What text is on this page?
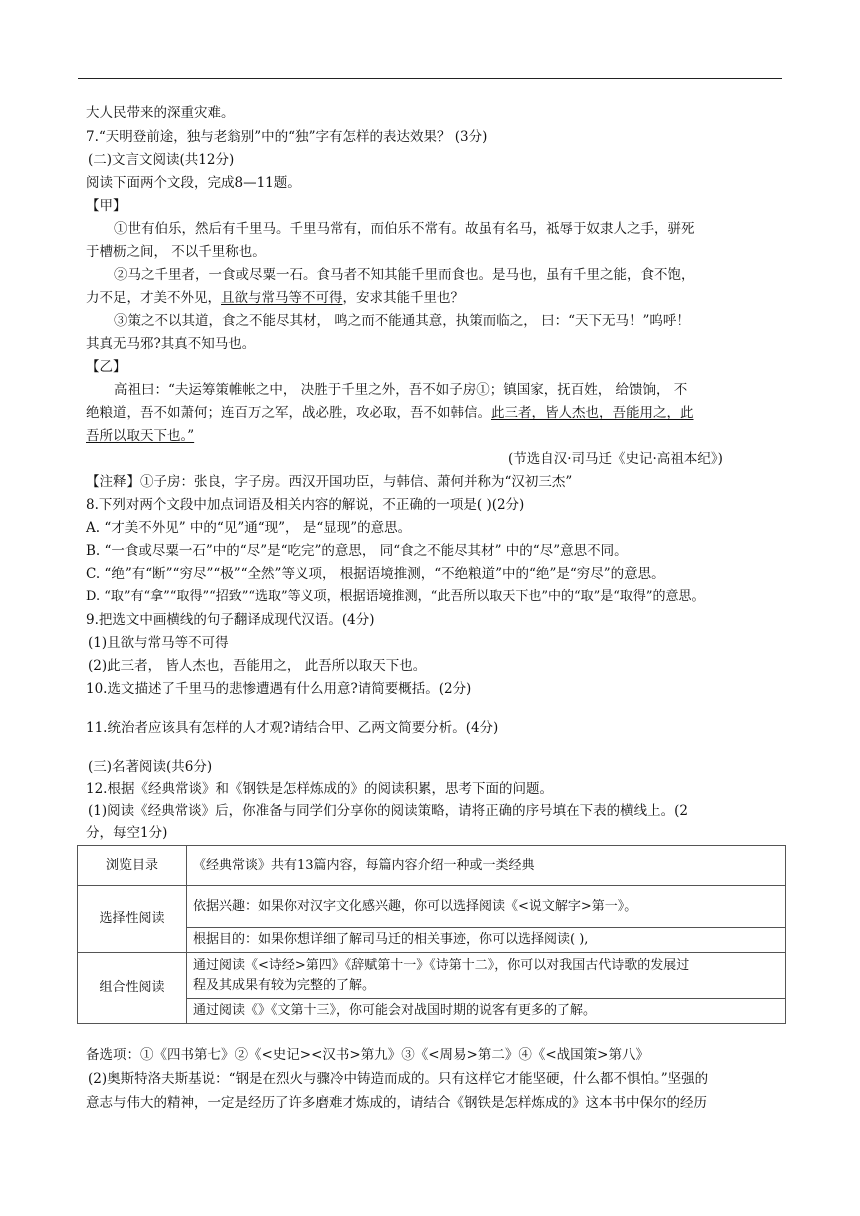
大人民带来的深重灾难。
7.“天明登前途，独与老翁别”中的“独”字有怎样的表达效果？ (3分)
(二)文言文阅读(共12分)
阅读下面两个文段，完成8—11题。
【甲】
①世有伯乐，然后有千里马。千里马常有，而伯乐不常有。故虽有名马，祗辱于奴隶人之手，骈死
于槽枥之间， 不以千里称也。
②马之千里者，一食或尽粟一石。食马者不知其能千里而食也。是马也，虽有千里之能，食不饱，
力不足，才美不外见，且欲与常马等不可得，安求其能千里也？
③策之不以其道，食之不能尽其材， 鸣之而不能通其意，执策而临之， 曰：“天下无马！”呜呼！
其真无马邪?其真不知马也。
【乙】
高祖曰：“夫运筹策帷帐之中， 决胜于千里之外，吾不如子房①；镇国家，抚百姓， 给馈饷， 不
绝粮道，吾不如萧何；连百万之军，战必胜，攻必取，吾不如韩信。此三者，皆人杰也，吾能用之，此
吾所以取天下也。”
(节选自汉·司马迁《史记·高祖本纪》)
【注释】①子房：张良，字子房。西汉开国功臣，与韩信、萧何并称为“汉初三杰”
8.下列对两个文段中加点词语及相关内容的解说，不正确的一项是( )(2分)
A. “才美不外见” 中的“见”通“现”， 是“显现”的意思。
B. “一食或尽粟一石”中的“尽”是“吃完”的意思， 同“食之不能尽其材” 中的“尽”意思不同。
C. “绝”有“断”“穷尽”“极”“全然”等义项， 根据语境推测，“不绝粮道”中的“绝”是“穷尽”的意思。
D. “取”有“拿”“取得”“招致”“选取”等义项，根据语境推测，“此吾所以取天下也”中的“取”是“取得”的意思。
9.把选文中画横线的句子翻译成现代汉语。(4分)
(1)且欲与常马等不可得
(2)此三者， 皆人杰也，吾能用之， 此吾所以取天下也。
10.选文描述了千里马的悲惨遭遇有什么用意?请简要概括。(2分)
11.统治者应该具有怎样的人才观?请结合甲、乙两文简要分析。(4分)
(三)名著阅读(共6分)
12.根据《经典常谈》和《钢铁是怎样炼成的》的阅读积累，思考下面的问题。
(1)阅读《经典常谈》后，你准备与同学们分享你的阅读策略，请将正确的序号填在下表的横线上。(2
分，每空1分)
浏览目录	《经典常谈》共有13篇内容，每篇内容介绍一种或一类经典
选择性阅读	依据兴趣：如果你对汉字文化感兴趣，你可以选择阅读《<说文解字>第一》。
	根据目的：如果你想详细了解司马迁的相关事迹，你可以选择阅读( ),
组合性阅读	通过阅读《<诗经>第四》《辞赋第十一》《诗第十二》，你可以对我国古代诗歌的发展过
程及其成果有较为完整的了解。

	通过阅读《》《文第十三》，你可能会对战国时期的说客有更多的了解。
备选项：①《四书第七》②《<史记><汉书>第九》③《<周易>第二》④《<战国策>第八》
(2)奥斯特洛夫斯基说：“钢是在烈火与骤冷中铸造而成的。只有这样它才能坚硬，什么都不惧怕。”坚强的
意志与伟大的精神，一定是经历了许多磨难才炼成的，请结合《钢铁是怎样炼成的》这本书中保尔的经历
